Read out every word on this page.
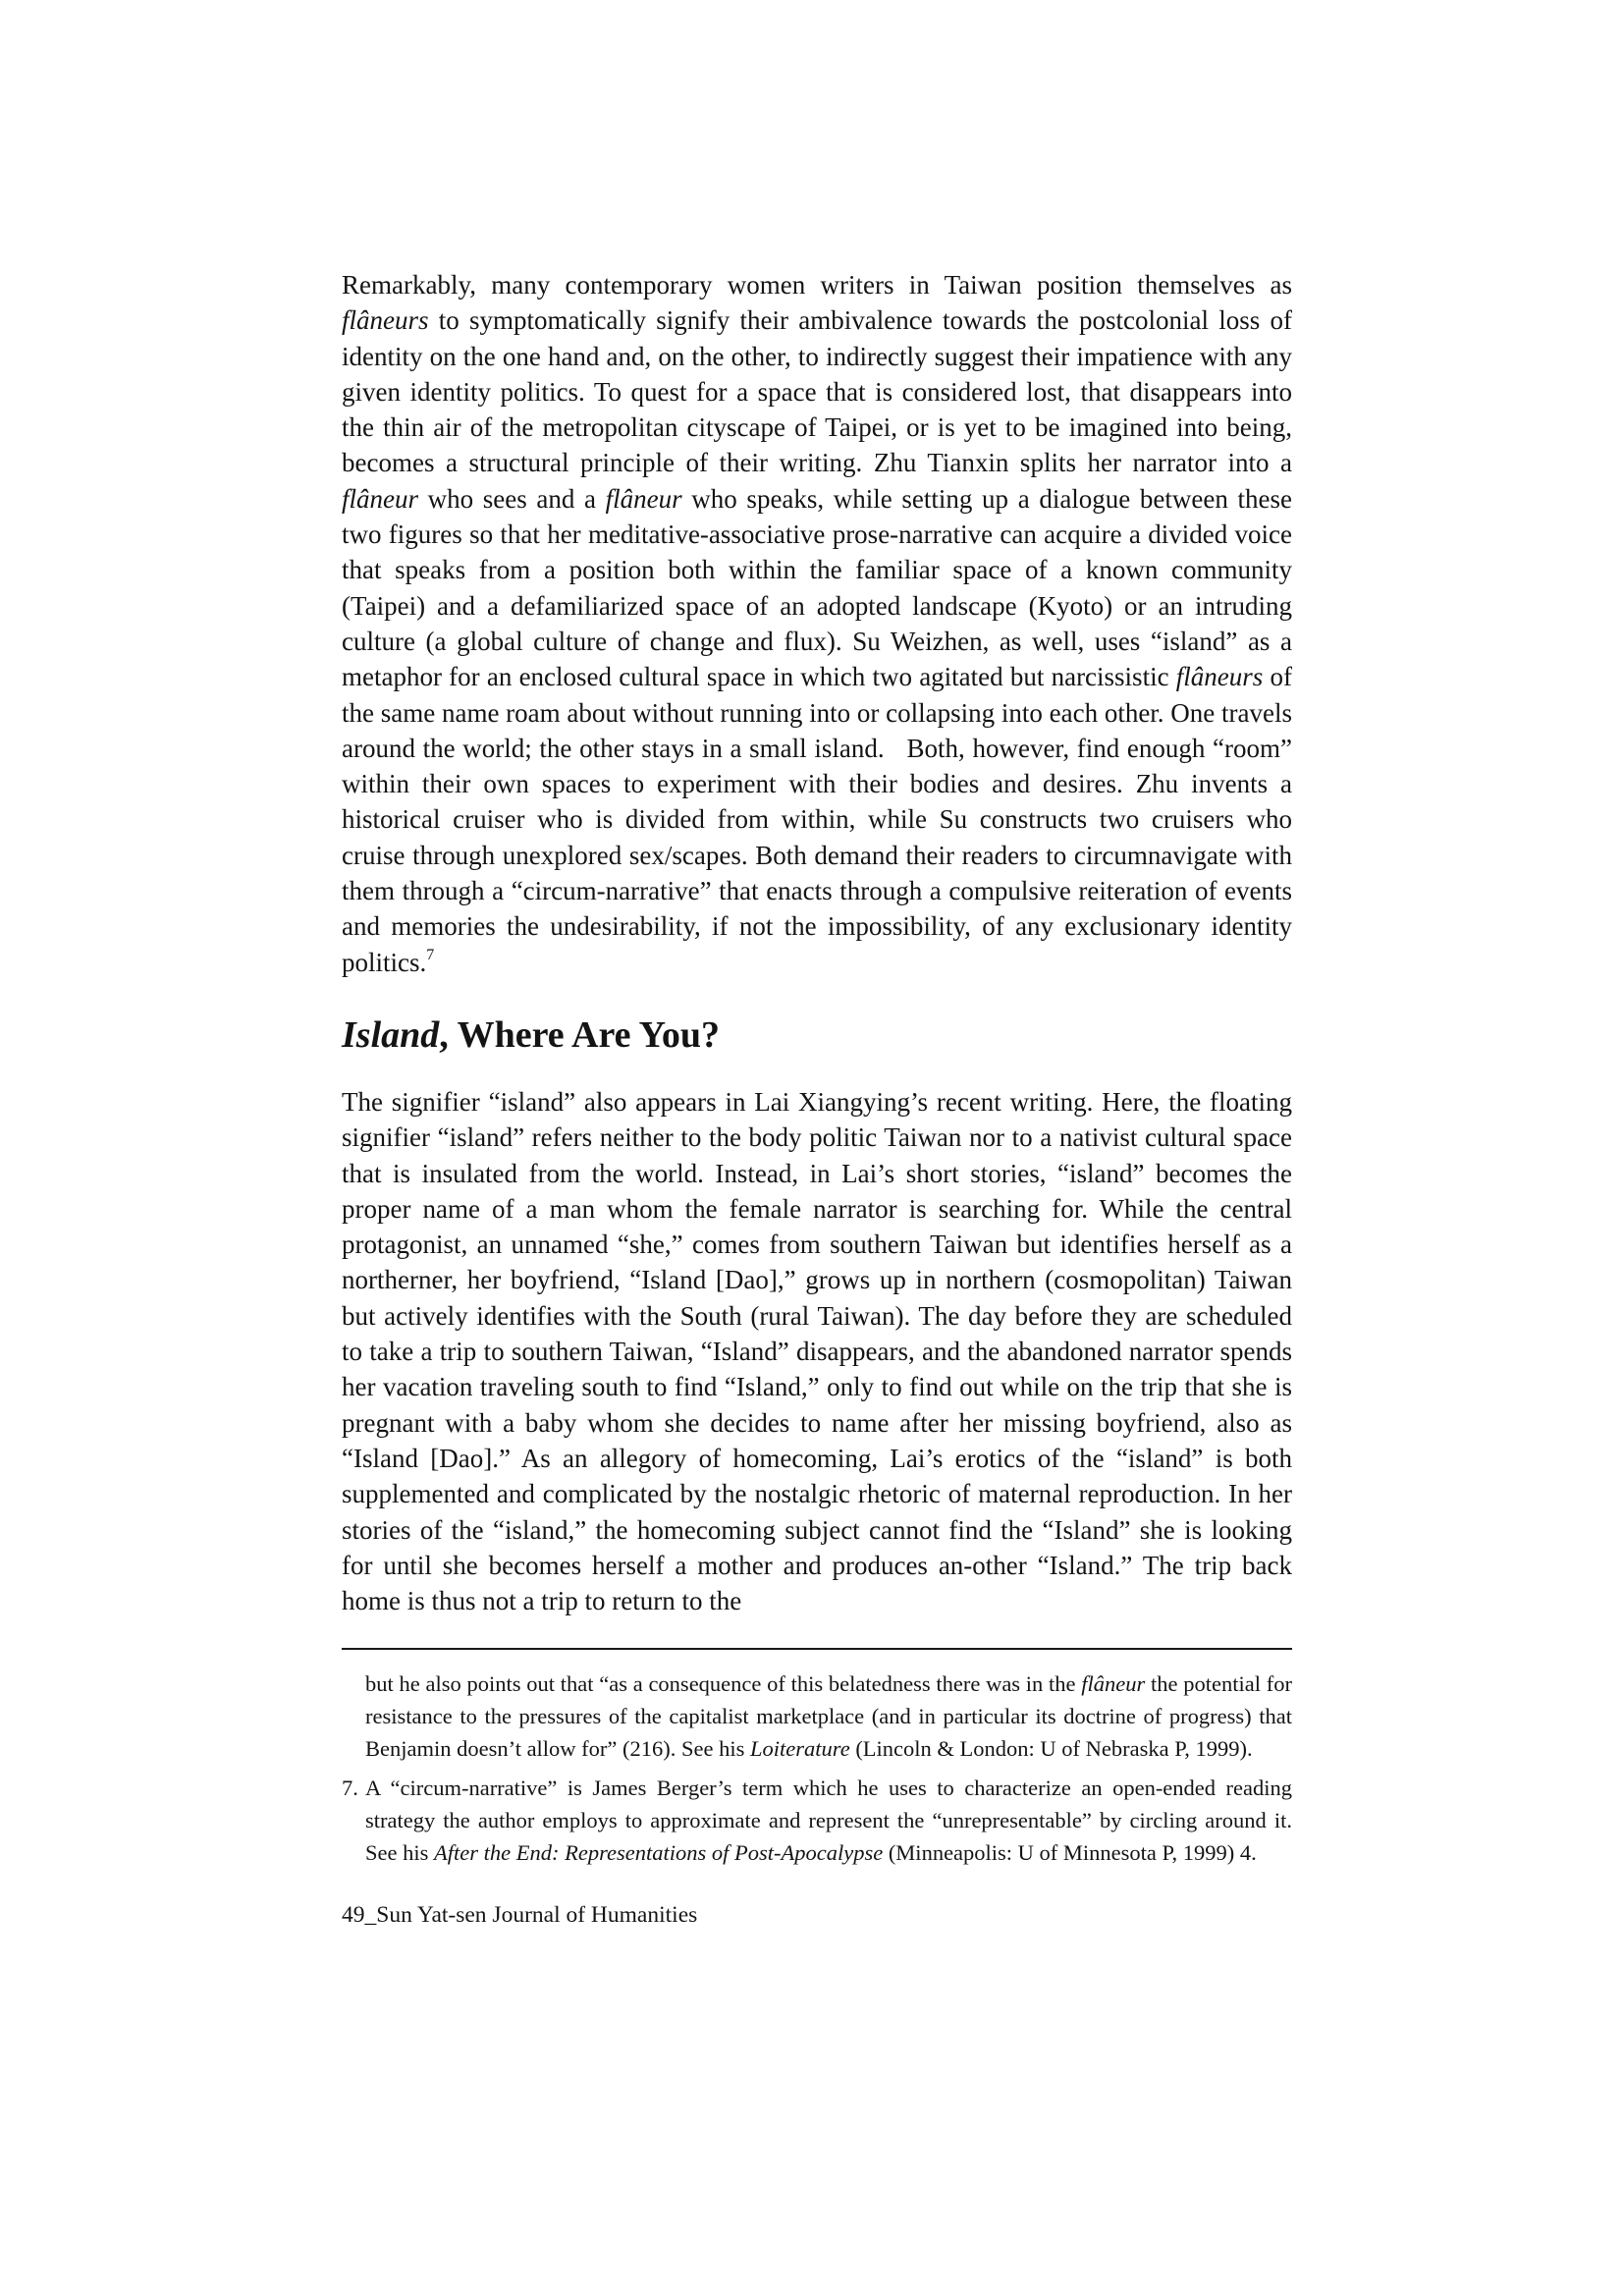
Remarkably, many contemporary women writers in Taiwan position themselves as flâneurs to symptomatically signify their ambivalence towards the postcolonial loss of identity on the one hand and, on the other, to indirectly suggest their impatience with any given identity politics. To quest for a space that is considered lost, that disappears into the thin air of the metropolitan cityscape of Taipei, or is yet to be imagined into being, becomes a structural principle of their writing. Zhu Tianxin splits her narrator into a flâneur who sees and a flâneur who speaks, while setting up a dialogue between these two figures so that her meditative-associative prose-narrative can acquire a divided voice that speaks from a position both within the familiar space of a known community (Taipei) and a defamiliarized space of an adopted landscape (Kyoto) or an intruding culture (a global culture of change and flux). Su Weizhen, as well, uses “island” as a metaphor for an enclosed cultural space in which two agitated but narcissistic flâneurs of the same name roam about without running into or collapsing into each other. One travels around the world; the other stays in a small island.   Both, however, find enough “room” within their own spaces to experiment with their bodies and desires. Zhu invents a historical cruiser who is divided from within, while Su constructs two cruisers who cruise through unexplored sex/scapes. Both demand their readers to circumnavigate with them through a “circum-narrative” that enacts through a compulsive reiteration of events and memories the undesirability, if not the impossibility, of any exclusionary identity politics.$^7$

Island, Where Are You?

The signifier “island” also appears in Lai Xiangying’s recent writing. Here, the floating signifier “island” refers neither to the body politic Taiwan nor to a nativist cultural space that is insulated from the world. Instead, in Lai’s short stories, “island” becomes the proper name of a man whom the female narrator is searching for. While the central protagonist, an unnamed “she,” comes from southern Taiwan but identifies herself as a northerner, her boyfriend, “Island [Dao],” grows up in northern (cosmopolitan) Taiwan but actively identifies with the South (rural Taiwan). The day before they are scheduled to take a trip to southern Taiwan, “Island” disappears, and the abandoned narrator spends her vacation traveling south to find “Island,” only to find out while on the trip that she is pregnant with a baby whom she decides to name after her missing boyfriend, also as “Island [Dao].” As an allegory of homecoming, Lai’s erotics of the “island” is both supplemented and complicated by the nostalgic rhetoric of maternal reproduction. In her stories of the “island,” the homecoming subject cannot find the “Island” she is looking for until she becomes herself a mother and produces an-other “Island.” The trip back home is thus not a trip to return to the

but he also points out that “as a consequence of this belatedness there was in the flâneur the potential for resistance to the pressures of the capitalist marketplace (and in particular its doctrine of progress) that Benjamin doesn’t allow for” (216). See his Loiterature (Lincoln & London: U of Nebraska P, 1999).

7. A “circum-narrative” is James Berger’s term which he uses to characterize an open-ended reading strategy the author employs to approximate and represent the “unrepresentable” by circling around it. See his After the End: Representations of Post-Apocalypse (Minneapolis: U of Minnesota P, 1999) 4.

49_Sun Yat-sen Journal of Humanities
